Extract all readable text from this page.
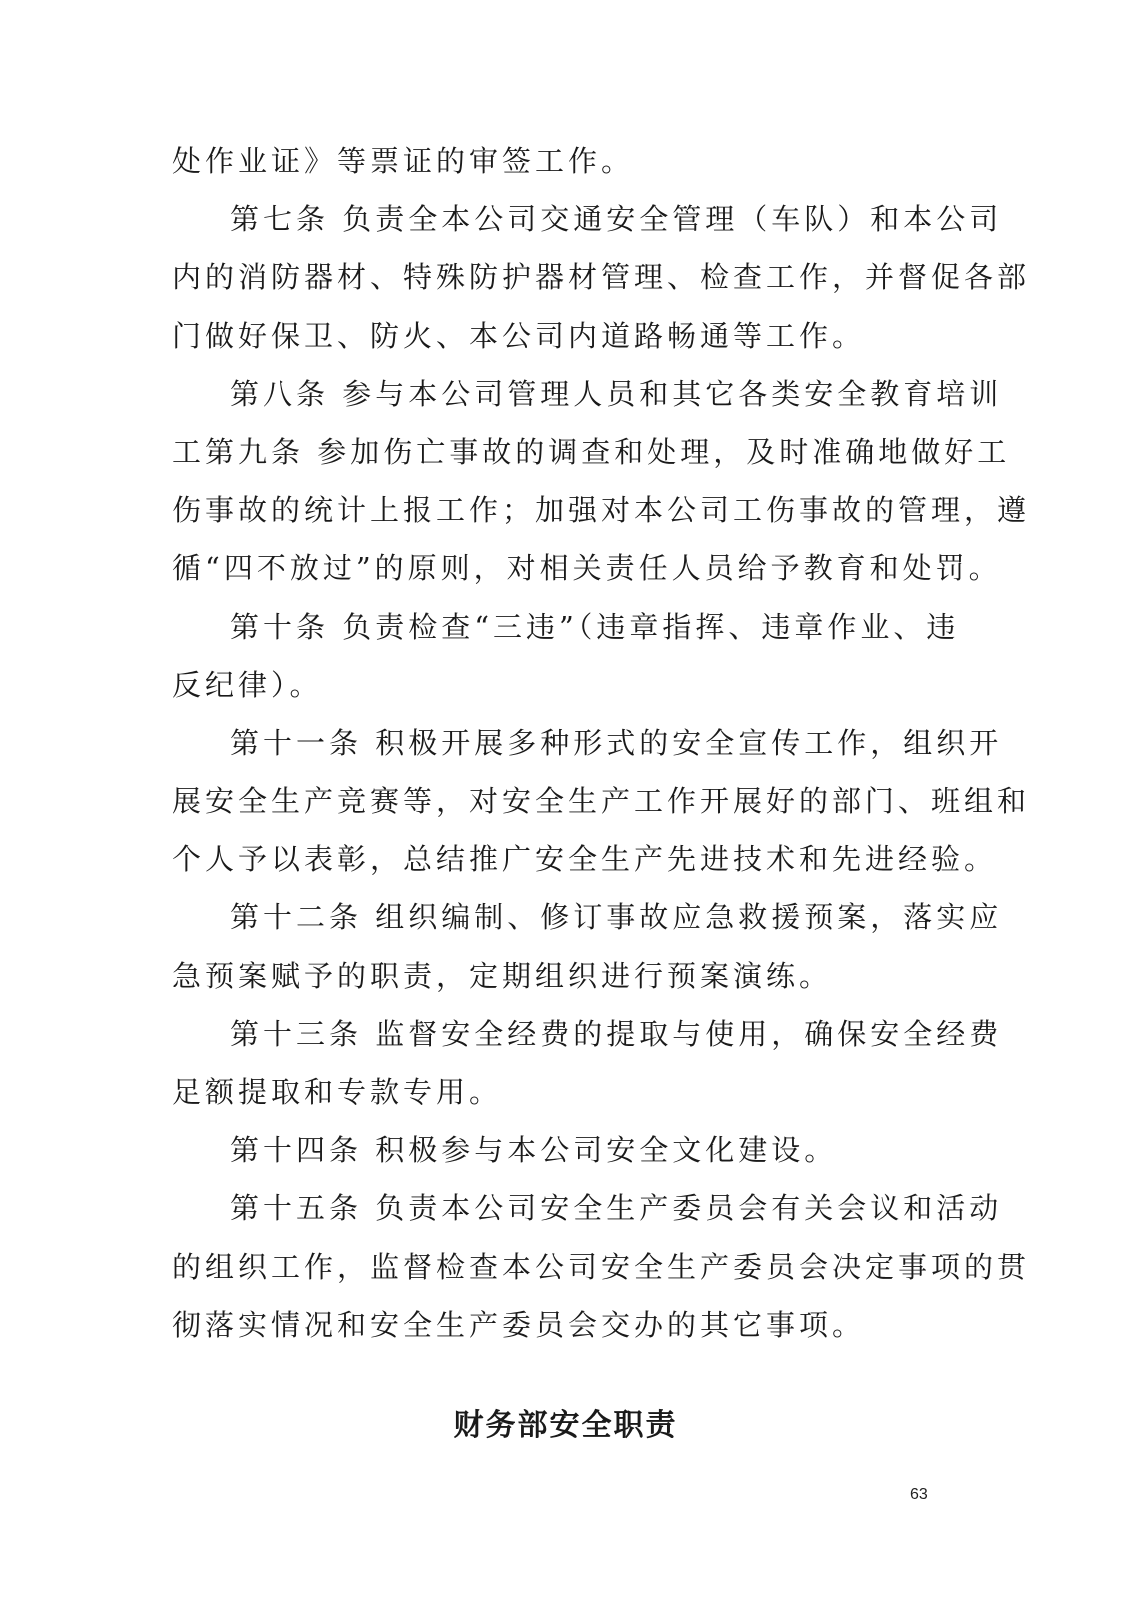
处作业证》等票证的审签工作。
第七条 负责全本公司交通安全管理（车队）和本公司
内的消防器材、特殊防护器材管理、检查工作，并督促各部
门做好保卫、防火、本公司内道路畅通等工作。
第八条 参与本公司管理人员和其它各类安全教育培训
工第九条 参加伤亡事故的调查和处理，及时准确地做好工
伤事故的统计上报工作；加强对本公司工伤事故的管理，遵
循“四不放过”的原则，对相关责任人员给予教育和处罚。
第十条 负责检查“三违”（违章指挥、违章作业、违
反纪律）。
第十一条 积极开展多种形式的安全宣传工作，组织开
展安全生产竞赛等，对安全生产工作开展好的部门、班组和
个人予以表彰，总结推广安全生产先进技术和先进经验。
第十二条 组织编制、修订事故应急救援预案，落实应
急预案赋予的职责，定期组织进行预案演练。
第十三条 监督安全经费的提取与使用，确保安全经费
足额提取和专款专用。
第十四条 积极参与本公司安全文化建设。
第十五条 负责本公司安全生产委员会有关会议和活动
的组织工作，监督检查本公司安全生产委员会决定事项的贯
彻落实情况和安全生产委员会交办的其它事项。
财务部安全职责
63
